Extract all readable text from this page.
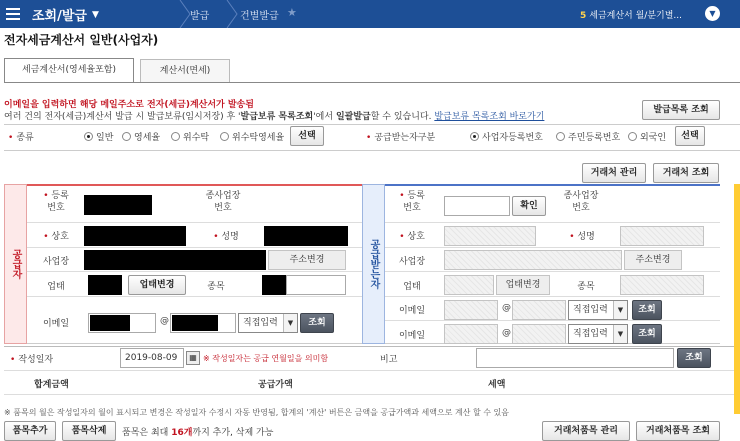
조회/발급 ▼	발급	건별발급 ★	5 세금계산서 월/분기별...	▼
전자세금계산서 일반(사업자)
세금계산서(영세율포함)	계산서(면세)
이메일을 입력하면 해당 메일주소로 전자(세금)계산서가 발송됨
여러 건의 전자(세금)계산서 발급 시 발급보류(임시저장) 후 '발급보류 목록조회'에서 일괄발급할 수 있습니다. 발급보류 목록조회 바로가기
발급목록 조회
• 종류	일반	영세율	위수탁	위수탁영세율	선택	• 공급받는자구분	사업자등록번호	주민등록번호	외국인	선택
거래처 관리	거래처 조회
공급자
• 등록
번호
종사업장
번호
• 상호	• 성명
사업장	주소변경
업태	업태변경	종목
이메일	@	직접입력	▼	조회
공급받는자
• 등록
번호	확인
종사업장
번호
• 상호	• 성명
사업장	주소변경
업태	업태변경	종목
이메일	@	직접입력	▼	조회
이메일	@	직접입력	▼	조회
• 작성일자	2019-08-09	▦ ※ 작성일자는 공급 연월일을 의미함	비고	조회
합계금액	공급가액	세액
※ 품목의 월은 작성일자의 월이 표시되고 변경은 작성일자 수정시 자동 반영됨, 합계의 '계산' 버튼은 금액을 공급가액과 세액으로 계산 할 수 있음
품목추가	품목삭제	품목은 최대 16개까지 추가, 삭제 가능	거래처품목 관리	거래처품목 조회
